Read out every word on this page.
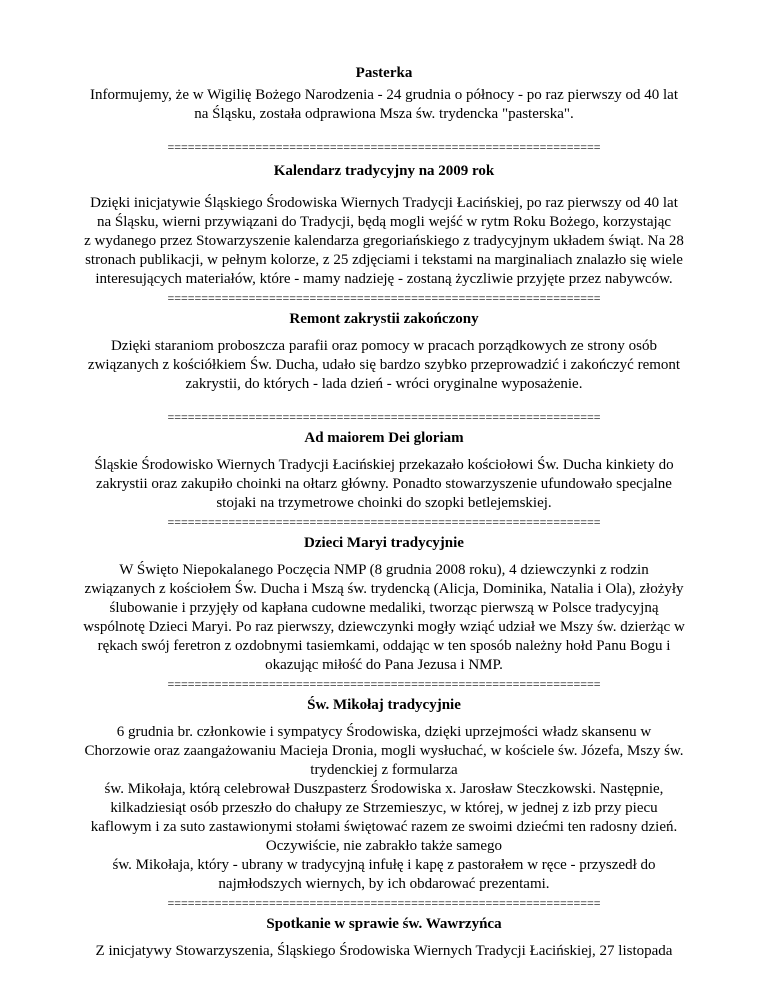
Pasterka

Informujemy, że w Wigilię Bożego Narodzenia - 24 grudnia o północy - po raz pierwszy od 40 lat
na Śląsku, została odprawiona Msza św. trydencka "pasterska".

================================================================
Kalendarz tradycyjny na 2009 rok

Dzięki inicjatywie Śląskiego Środowiska Wiernych Tradycji Łacińskiej, po raz pierwszy od 40 lat
na Śląsku, wierni przywiązani do Tradycji, będą mogli wejść w rytm Roku Bożego, korzystając
z wydanego przez Stowarzyszenie kalendarza gregoriańskiego z tradycyjnym układem świąt. Na 28
stronach publikacji, w pełnym kolorze, z 25 zdjęciami i tekstami na marginaliach znalazło się wiele
interesujących materiałów, które - mamy nadzieję - zostaną życzliwie przyjęte przez nabywców.

================================================================
Remont zakrystii zakończony

Dzięki staraniom proboszcza parafii oraz pomocy w pracach porządkowych ze strony osób
związanych z kościółkiem Św. Ducha, udało się bardzo szybko przeprowadzić i zakończyć remont
zakrystii, do których - lada dzień - wróci oryginalne wyposażenie.

================================================================
Ad maiorem Dei gloriam

Śląskie Środowisko Wiernych Tradycji Łacińskiej przekazało kościołowi Św. Ducha kinkiety do
zakrystii oraz zakupiło choinki na ołtarz główny. Ponadto stowarzyszenie ufundowało specjalne
stojaki na trzymetrowe choinki do szopki betlejemskiej.

================================================================
Dzieci Maryi tradycyjnie

W Święto Niepokalanego Poczęcia NMP (8 grudnia 2008 roku), 4 dziewczynki z rodzin
związanych z kościołem Św. Ducha i Mszą św. trydencką (Alicja, Dominika, Natalia i Ola), złożyły
ślubowanie i przyjęły od kapłana cudowne medaliki, tworząc pierwszą w Polsce tradycyjną
wspólnotę Dzieci Maryi. Po raz pierwszy, dziewczynki mogły wziąć udział we Mszy św. dzierżąc w
rękach swój feretron z ozdobnymi tasiemkami, oddając w ten sposób należny hołd Panu Bogu i
okazując miłość do Pana Jezusa i NMP.

================================================================
Św. Mikołaj tradycyjnie

6 grudnia br. członkowie i sympatycy Środowiska, dzięki uprzejmości władz skansenu w
Chorzowie oraz zaangażowaniu Macieja Dronia, mogli wysłuchać, w kościele św. Józefa, Mszy św.
trydenckiej z formularza
św. Mikołaja, którą celebrował Duszpasterz Środowiska x. Jarosław Steczkowski. Następnie,
kilkadziesiąt osób przeszło do chałupy ze Strzemieszyc, w której, w jednej z izb przy piecu
kaflowym i za suto zastawionymi stołami świętować razem ze swoimi dziećmi ten radosny dzień.
Oczywiście, nie zabrakło także samego
św. Mikołaja, który - ubrany w tradycyjną infułę i kapę z pastorałem w ręce - przyszedł do
najmłodszych wiernych, by ich obdarować prezentami.

================================================================
Spotkanie w sprawie św. Wawrzyńca

Z inicjatywy Stowarzyszenia, Śląskiego Środowiska Wiernych Tradycji Łacińskiej, 27 listopada
